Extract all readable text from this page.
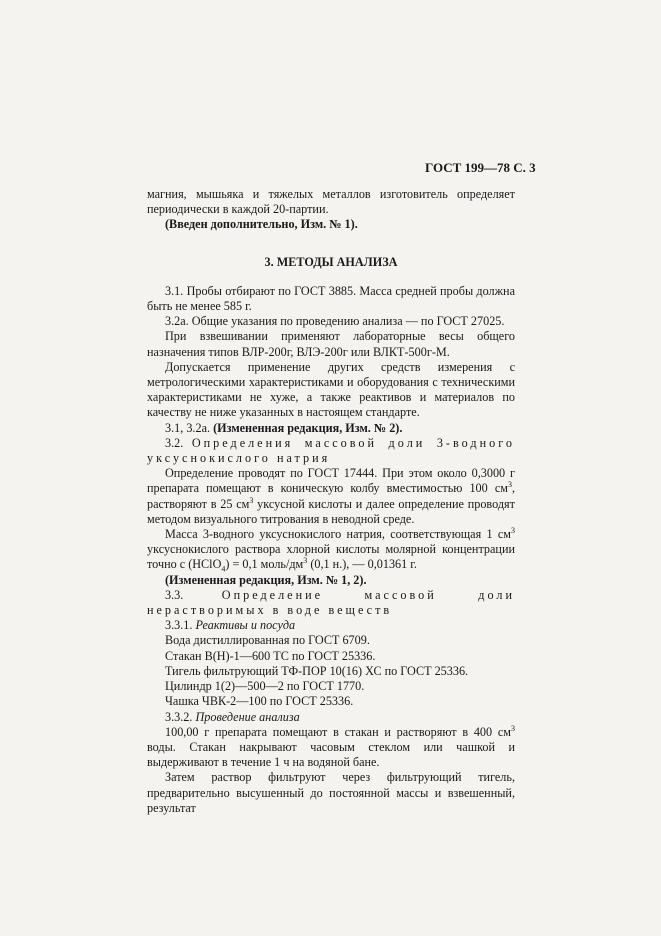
ГОСТ 199—78 С. 3

магния, мышьяка и тяжелых металлов изготовитель определяет периодически в каждой 20-партии.

(Введен дополнительно, Изм. № 1).

3. МЕТОДЫ АНАЛИЗА

3.1. Пробы отбирают по ГОСТ 3885. Масса средней пробы должна быть не менее 585 г.

3.2а. Общие указания по проведению анализа — по ГОСТ 27025.

При взвешивании применяют лабораторные весы общего назначения типов ВЛР-200г, ВЛЭ-200г или ВЛКТ-500г-М.

Допускается применение других средств измерения с метрологическими характеристиками и оборудования с техническими характеристиками не хуже, а также реактивов и материалов по качеству не ниже указанных в настоящем стандарте.

3.1, 3.2а. (Измененная редакция, Изм. № 2).

3.2. Определения массовой доли 3-водного уксуснокислого натрия

Определение проводят по ГОСТ 17444. При этом около 0,3000 г препарата помещают в коническую колбу вместимостью 100 $см^3$, растворяют в 25 $см^3$ уксусной кислоты и далее определение проводят методом визуального титрования в неводной среде.

Масса 3-водного уксуснокислого натрия, соответствующая 1 $см^3$ уксуснокислого раствора хлорной кислоты молярной концентрации точно с (HClO$_4$) = 0,1 моль/$дм^3$ (0,1 н.), — 0,01361 г.

(Измененная редакция, Изм. № 1, 2).

3.3.	Определение массовой доли нерастворимых в воде веществ

3.3.1. Реактивы и посуда

Вода дистиллированная по ГОСТ 6709.

Стакан В(Н)-1—600 ТС по ГОСТ 25336.

Тигель фильтрующий ТФ-ПОР 10(16) ХС по ГОСТ 25336.

Цилиндр 1(2)—500—2 по ГОСТ 1770.

Чашка ЧВК-2—100 по ГОСТ 25336.

3.3.2. Проведение анализа

100,00 г препарата помещают в стакан и растворяют в 400 $см^3$ воды. Стакан накрывают часовым стеклом или чашкой и выдерживают в течение 1 ч на водяной бане.

Затем раствор фильтруют через фильтрующий тигель, предварительно высушенный до постоянной массы и взвешенный, результат
